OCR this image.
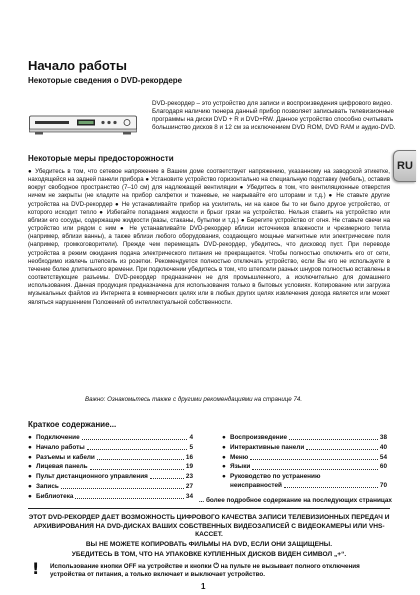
Начало работы
Некоторые сведения о DVD-рекордере

DVD-рекордер – это устройство для записи и воспроизведения цифрового видео. Благодаря наличию тюнера данный прибор позволяет записывать телевизионные программы на диски DVD + R и DVD+RW. Данное устройство способно считывать большинство дисков 8 и 12 см за исключением DVD ROM, DVD RAM и аудио-DVD.

RU
Некоторые меры предосторожности

● Убедитесь в том, что сетевое напряжение в Вашем доме соответствует напряжению, указанному на заводской этикетке, находящейся на задней панели прибора ● Установите устройство горизонтально на специальную подставку (мебель), оставив вокруг свободное пространство (7–10 см) для надлежащей вентиляции ● Убедитесь в том, что вентиляционные отверстия ничем не закрыты (не кладите на прибор салфетки и тканевые, не накрывайте его шторами и т.д.) ● Не ставьте другие устройства на DVD-рекордер ● Не устанавливайте прибор на усилитель, ни на какое бы то ни было другое устройство, от которого исходит тепло ● Избегайте попадания жидкости и брызг грязи на устройство. Нельзя ставить на устройство или вблизи его сосуды, содержащие жидкости (вазы, стаканы, бутылки и т.д.) ● Берегите устройство от огня. Не ставьте свечи на устройство или рядом с ним ● Не устанавливайте DVD-рекордер вблизи источников влажности и чрезмерного тепла (например, вблизи ванны), а также вблизи любого оборудования, создающего мощные магнитные или электрические поля (например, громкоговорители). Прежде чем перемещать DVD-рекордер, убедитесь, что дисковод пуст. При переводе устройства в режим ожидания подача электрического питания не прекращается. Чтобы полностью отключить его от сети, необходимо извлечь штепсель из розетки. Рекомендуется полностью отключать устройство, если Вы его не используете в течение более длительного времени. При подключении убедитесь в том, что штепсели разных шнуров полностью вставлены в соответствующие разъемы. DVD-рекордер предназначен не для промышленного, а исключительно для домашнего использования. Данная продукция предназначена для использования только в бытовых условиях. Копирование или загрузка музыкальных файлов из Интернета в коммерческих целях или в любых других целях извлечения дохода является или может являться нарушением Положений об интеллектуальной собственности.

Важно: Ознакомьтесь также с другими рекомендациями на странице 74.

Краткое содержание...
● Подключение	4
● Начало работы	5
● Разъемы и кабели	16
● Лицевая панель	19
● Пульт дистанционного управления	23
● Запись	27
● Библиотека	34
● Воспроизведение	38
● Интерактивные панели	40
● Меню	54
● Языки	60
● Руководство по устранению
неисправностей	70

... более подробное содержание на последующих страницах

ЭТОТ DVD-РЕКОРДЕР ДАЕТ ВОЗМОЖНОСТЬ ЦИФРОВОГО КАЧЕСТВА ЗАПИСИ ТЕЛЕВИЗИОННЫХ ПЕРЕДАЧ И АРХИВИРОВАНИЯ НА DVD-ДИСКАХ ВАШИХ СОБСТВЕННЫХ ВИДЕОЗАПИСЕЙ С ВИДЕОКАМЕРЫ ИЛИ VHS-КАССЕТ.

ВЫ НЕ МОЖЕТЕ КОПИРОВАТЬ ФИЛЬМЫ НА DVD, ЕСЛИ ОНИ ЗАЩИЩЕНЫ.

! Использование кнопки OFF на устройстве и кнопки ⏻ на пульте не вызывает полного отключения устройства от питания, а только включает и выключает устройство.

1

УБЕДИТЕСЬ В ТОМ, ЧТО НА УПАКОВКЕ КУПЛЕННЫХ ДИСКОВ ВИДЕН СИМВОЛ „+“.
